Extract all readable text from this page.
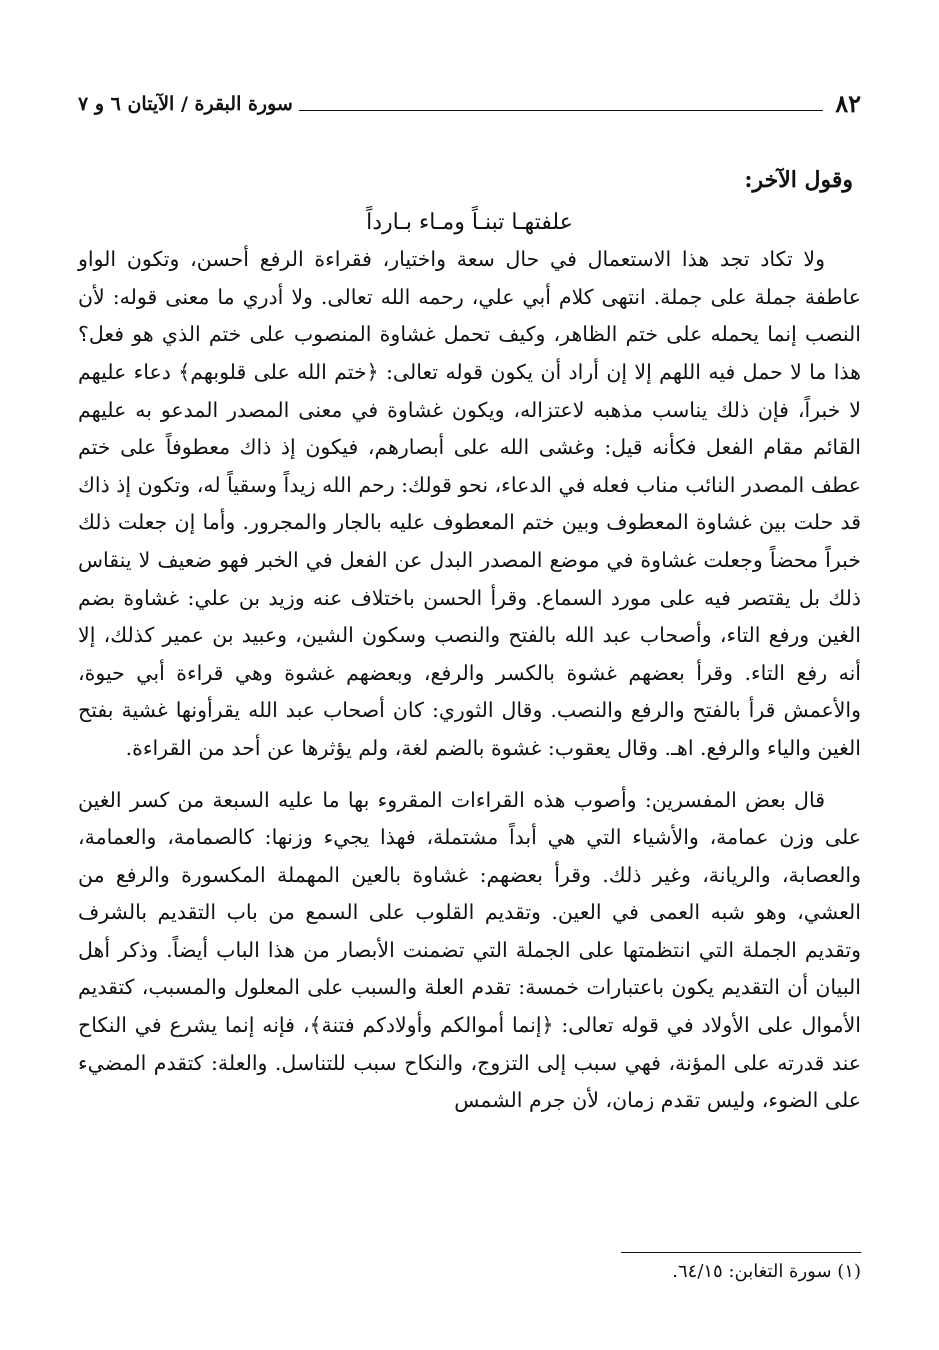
٨٢
سورة البقرة / الآيتان ٦ و ٧

وقول الآخر:

علفتهـا تبنـاً ومـاء بـارداً

ولا تكاد تجد هذا الاستعمال في حال سعة واختيار، فقراءة الرفع أحسن، وتكون الواو عاطفة جملة على جملة. انتهى كلام أبي علي، رحمه الله تعالى. ولا أدري ما معنى قوله: لأن النصب إنما يحمله على ختم الظاهر، وكيف تحمل غشاوة المنصوب على ختم الذي هو فعل؟ هذا ما لا حمل فيه اللهم إلا إن أراد أن يكون قوله تعالى: ﴿ختم الله على قلوبهم﴾ دعاء عليهم لا خبراً، فإن ذلك يناسب مذهبه لاعتزاله، ويكون غشاوة في معنى المصدر المدعو به عليهم القائم مقام الفعل فكأنه قيل: وغشى الله على أبصارهم، فيكون إذ ذاك معطوفاً على ختم عطف المصدر النائب مناب فعله في الدعاء، نحو قولك: رحم الله زيداً وسقياً له، وتكون إذ ذاك قد حلت بين غشاوة المعطوف وبين ختم المعطوف عليه بالجار والمجرور. وأما إن جعلت ذلك خبراً محضاً وجعلت غشاوة في موضع المصدر البدل عن الفعل في الخبر فهو ضعيف لا ينقاس ذلك بل يقتصر فيه على مورد السماع. وقرأ الحسن باختلاف عنه وزيد بن علي: غشاوة بضم الغين ورفع التاء، وأصحاب عبد الله بالفتح والنصب وسكون الشين، وعبيد بن عمير كذلك، إلا أنه رفع التاء. وقرأ بعضهم غشوة بالكسر والرفع، وبعضهم غشوة وهي قراءة أبي حيوة، والأعمش قرأ بالفتح والرفع والنصب. وقال الثوري: كان أصحاب عبد الله يقرأونها غشية بفتح الغين والياء والرفع. اهـ. وقال يعقوب: غشوة بالضم لغة، ولم يؤثرها عن أحد من القراءة.

قال بعض المفسرين: وأصوب هذه القراءات المقروء بها ما عليه السبعة من كسر الغين على وزن عمامة، والأشياء التي هي أبداً مشتملة، فهذا يجيء وزنها: كالصمامة، والعمامة، والعصابة، والريانة، وغير ذلك. وقرأ بعضهم: غشاوة بالعين المهملة المكسورة والرفع من العشي، وهو شبه العمى في العين. وتقديم القلوب على السمع من باب التقديم بالشرف وتقديم الجملة التي انتظمتها على الجملة التي تضمنت الأبصار من هذا الباب أيضاً. وذكر أهل البيان أن التقديم يكون باعتبارات خمسة: تقدم العلة والسبب على المعلول والمسبب، كتقديم الأموال على الأولاد في قوله تعالى: ﴿إنما أموالكم وأولادكم فتنة﴾، فإنه إنما يشرع في النكاح عند قدرته على المؤنة، فهي سبب إلى التزوج، والنكاح سبب للتناسل. والعلة: كتقدم المضيء على الضوء، وليس تقدم زمان، لأن جرم الشمس

(١) سورة التغابن: ٦٤/١٥.
